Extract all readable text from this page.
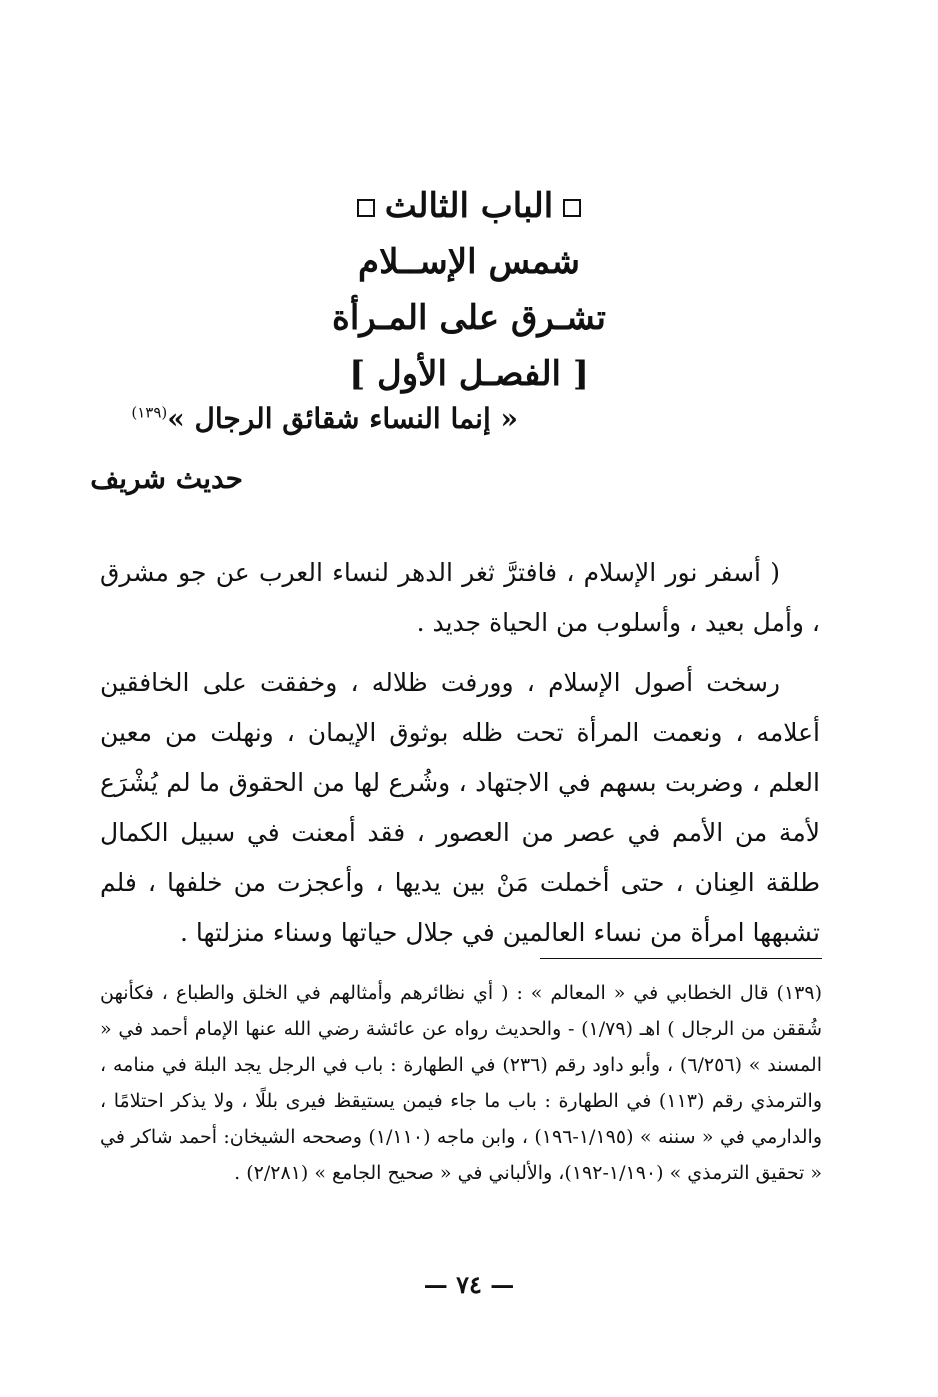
الباب الثالث
شمس الإســلام
تشـرق على المـرأة
[ الفصـل الأول ]
« إنما النساء شقائق الرجال »$^{(١٣٩)}$
حديث شريف

( أسفر نور الإسلام ، فافترَّ ثغر الدهر لنساء العرب عن جو مشرق ، وأمل بعيد ، وأسلوب من الحياة جديد .

رسخت أصول الإسلام ، وورفت ظلاله ، وخفقت على الخافقين أعلامه ، ونعمت المرأة تحت ظله بوثوق الإيمان ، ونهلت من معين العلم ، وضربت بسهم في الاجتهاد ، وشُرع لها من الحقوق ما لم يُشْرَع لأمة من الأمم في عصر من العصور ، فقد أمعنت في سبيل الكمال طلقة العِنان ، حتى أخملت مَنْ بين يديها ، وأعجزت من خلفها ، فلم تشبهها امرأة من نساء العالمين في جلال حياتها وسناء منزلتها .

(١٣٩) قال الخطابي في « المعالم » : ( أي نظائرهم وأمثالهم في الخلق والطباع ، فكأنهن شُققن من الرجال ) اهـ (١/٧٩) - والحديث رواه عن عائشة رضي الله عنها الإمام أحمد في « المسند » (٦/٢٥٦) ، وأبو داود رقم (٢٣٦) في الطهارة : باب في الرجل يجد البلة في منامه ، والترمذي رقم (١١٣) في الطهارة : باب ما جاء فيمن يستيقظ فيرى بللًا ، ولا يذكر احتلامًا ، والدارمي في « سننه » (١/١٩٥-١٩٦) ، وابن ماجه (١/١١٠) وصححه الشيخان: أحمد شاكر في « تحقيق الترمذي » (١/١٩٠-١٩٢)، والألباني في « صحيح الجامع » (٢/٢٨١) .
— ٧٤ —
